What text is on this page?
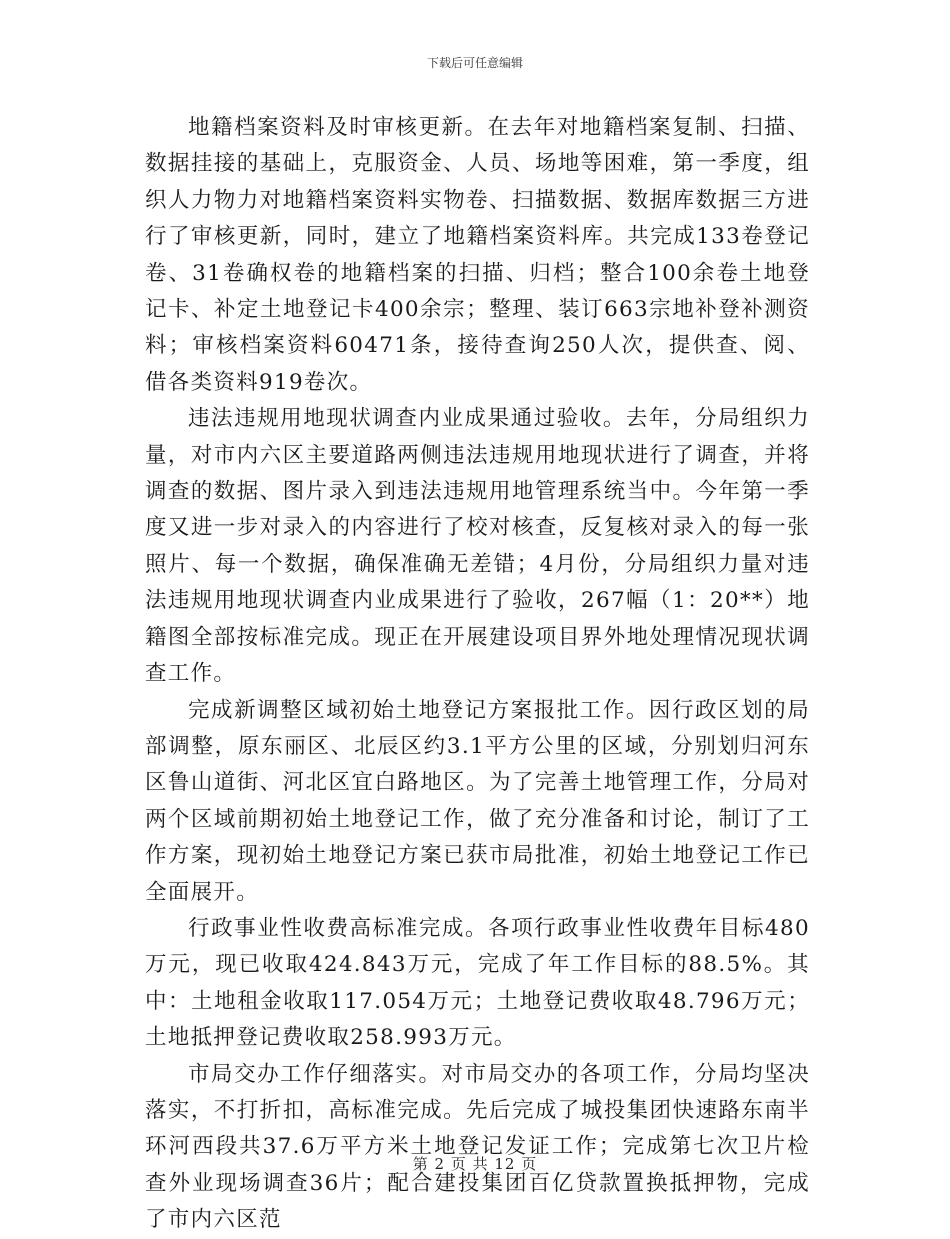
下载后可任意编辑

地籍档案资料及时审核更新。在去年对地籍档案复制、扫描、数据挂接的基础上，克服资金、人员、场地等困难，第一季度，组织人力物力对地籍档案资料实物卷、扫描数据、数据库数据三方进行了审核更新，同时，建立了地籍档案资料库。共完成133卷登记卷、31卷确权卷的地籍档案的扫描、归档；整合100余卷土地登记卡、补定土地登记卡400余宗；整理、装订663宗地补登补测资料；审核档案资料60471条，接待查询250人次，提供查、阅、借各类资料919卷次。

违法违规用地现状调查内业成果通过验收。去年，分局组织力量，对市内六区主要道路两侧违法违规用地现状进行了调查，并将调查的数据、图片录入到违法违规用地管理系统当中。今年第一季度又进一步对录入的内容进行了校对核查，反复核对录入的每一张照片、每一个数据，确保准确无差错；4月份，分局组织力量对违法违规用地现状调查内业成果进行了验收，267幅（1：20**）地籍图全部按标准完成。现正在开展建设项目界外地处理情况现状调查工作。

完成新调整区域初始土地登记方案报批工作。因行政区划的局部调整，原东丽区、北辰区约3.1平方公里的区域，分别划归河东区鲁山道街、河北区宜白路地区。为了完善土地管理工作，分局对两个区域前期初始土地登记工作，做了充分准备和讨论，制订了工作方案，现初始土地登记方案已获市局批准，初始土地登记工作已全面展开。

行政事业性收费高标准完成。各项行政事业性收费年目标480万元，现已收取424.843万元，完成了年工作目标的88.5%。其中：土地租金收取117.054万元；土地登记费收取48.796万元；土地抵押登记费收取258.993万元。

市局交办工作仔细落实。对市局交办的各项工作，分局均坚决落实，不打折扣，高标准完成。先后完成了城投集团快速路东南半环河西段共37.6万平方米土地登记发证工作；完成第七次卫片检查外业现场调查36片；配合建投集团百亿贷款置换抵押物，完成了市内六区范

第 2 页 共 12 页
